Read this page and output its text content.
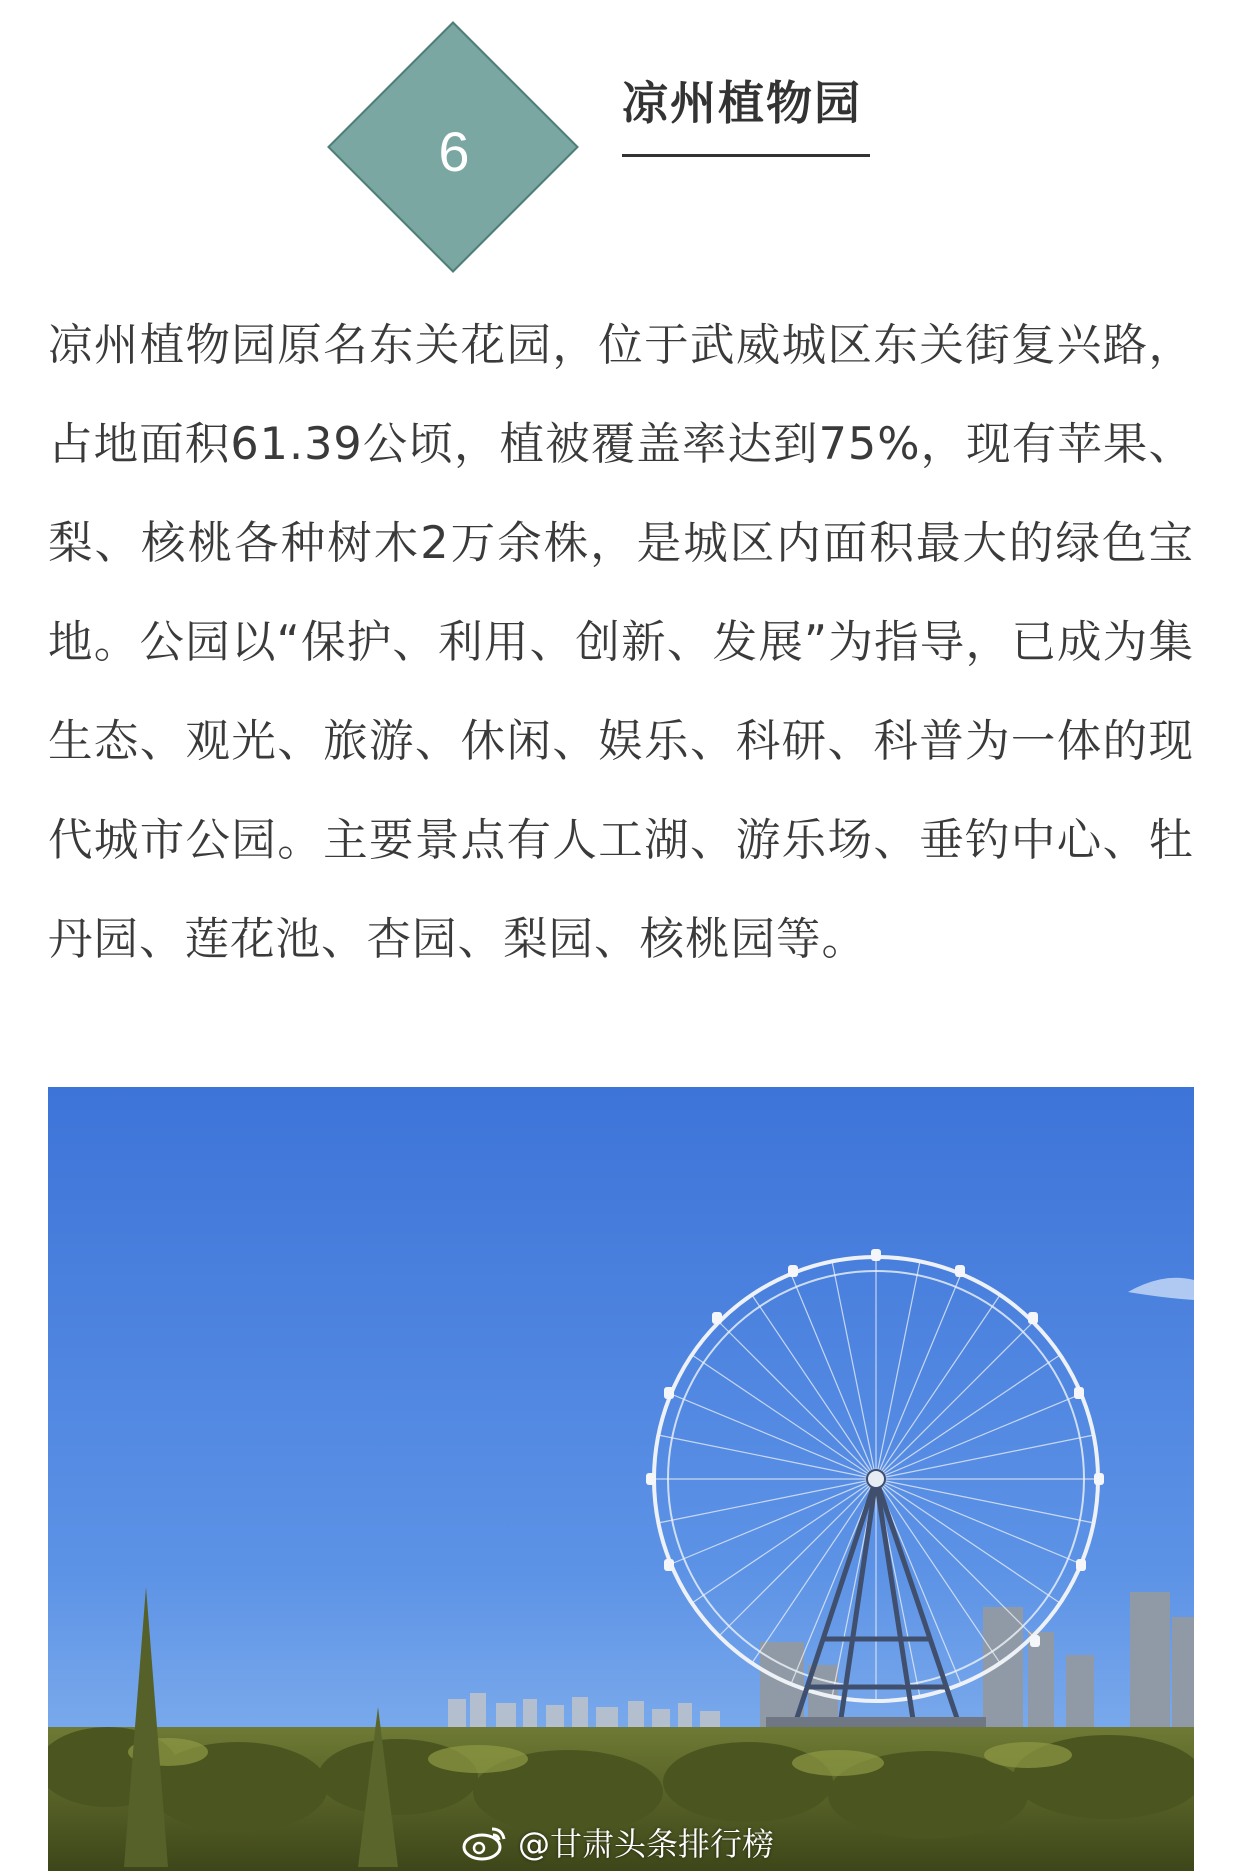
6
凉州植物园

凉州植物园原名东关花园，位于武威城区东关街复兴路，占地面积61.39公顷，植被覆盖率达到75%，现有苹果、梨、核桃各种树木2万余株，是城区内面积最大的绿色宝地。公园以“保护、利用、创新、发展”为指导，已成为集生态、观光、旅游、休闲、娱乐、科研、科普为一体的现代城市公园。主要景点有人工湖、游乐场、垂钓中心、牡丹园、莲花池、杏园、梨园、核桃园等。

@甘肃头条排行榜
